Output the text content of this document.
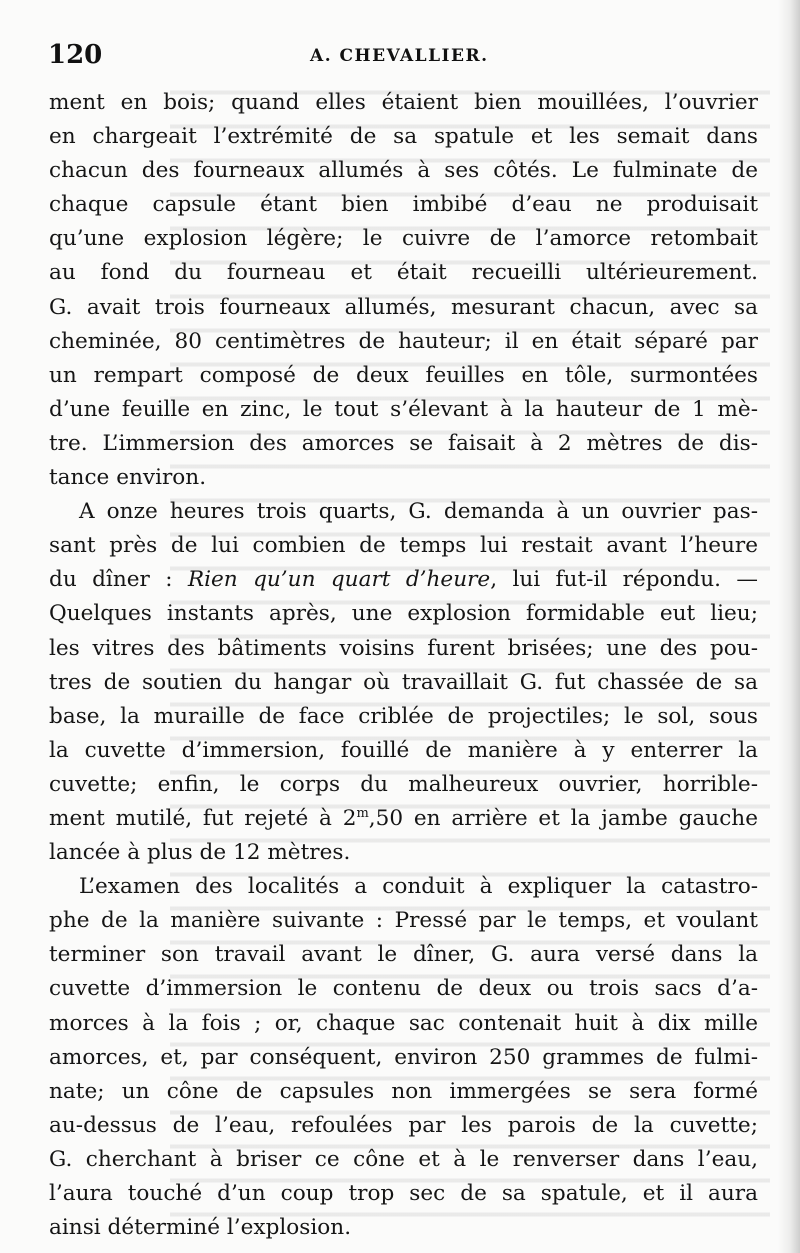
120	A. CHEVALLIER.
ment en bois; quand elles étaient bien mouillées, l’ouvrier
en chargeait l’extrémité de sa spatule et les semait dans
chacun des fourneaux allumés à ses côtés. Le fulminate de
chaque capsule étant bien imbibé d’eau ne produisait
qu’une explosion légère; le cuivre de l’amorce retombait
au fond du fourneau et était recueilli ultérieurement.
G. avait trois fourneaux allumés, mesurant chacun, avec sa
cheminée, 80 centimètres de hauteur; il en était séparé par
un rempart composé de deux feuilles en tôle, surmontées
d’une feuille en zinc, le tout s’élevant à la hauteur de 1 mè-
tre. L’immersion des amorces se faisait à 2 mètres de dis-
tance environ.
A onze heures trois quarts, G. demanda à un ouvrier pas-
sant près de lui combien de temps lui restait avant l’heure
du dîner : Rien qu’un quart d’heure, lui fut-il répondu. —
Quelques instants après, une explosion formidable eut lieu;
les vitres des bâtiments voisins furent brisées; une des pou-
tres de soutien du hangar où travaillait G. fut chassée de sa
base, la muraille de face criblée de projectiles; le sol, sous
la cuvette d’immersion, fouillé de manière à y enterrer la
cuvette; enfin, le corps du malheureux ouvrier, horrible-
ment mutilé, fut rejeté à 2$^m$,50 en arrière et la jambe gauche
lancée à plus de 12 mètres.
L’examen des localités a conduit à expliquer la catastro-
phe de la manière suivante : Pressé par le temps, et voulant
terminer son travail avant le dîner, G. aura versé dans la
cuvette d’immersion le contenu de deux ou trois sacs d’a-
morces à la fois ; or, chaque sac contenait huit à dix mille
amorces, et, par conséquent, environ 250 grammes de fulmi-
nate; un cône de capsules non immergées se sera formé
au-dessus de l’eau, refoulées par les parois de la cuvette;
G. cherchant à briser ce cône et à le renverser dans l’eau,
l’aura touché d’un coup trop sec de sa spatule, et il aura
ainsi déterminé l’explosion.
